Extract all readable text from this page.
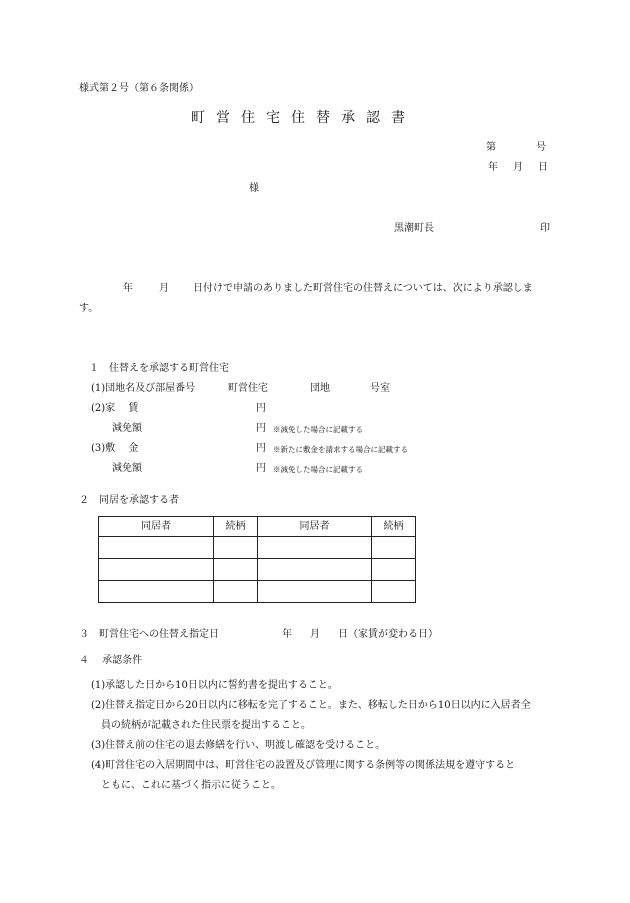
様式第２号（第６条関係）
町営住宅住替承認書
第	号
年 月 日
様
黒潮町長	印
年	月 日付けで申請のありました町営住宅の住替えについては、次により承認しま
す。
１　住替えを承認する町営住宅
(1)団地名及び部屋番号	町営住宅	団地	号室
(2)家　 賃	円
減免額	円 ※減免した場合に記載する
(3)敷　 金	円 ※新たに敷金を請求する場合に記載する
減免額	円 ※減免した場合に記載する
２　同居を承認する者
同居者	続柄	同居者	続柄

３　町営住宅への住替え指定日	年 月 日（家賃が変わる日）
４　 承認条件
(1)承認した日から10日以内に誓約書を提出すること。
(2)住替え指定日から20日以内に移転を完了すること。また、移転した日から10日以内に入居者全
員の続柄が記載された住民票を提出すること。
(3)住替え前の住宅の退去修繕を行い、明渡し確認を受けること。
(4)町営住宅の入居期間中は、町営住宅の設置及び管理に関する条例等の関係法規を遵守すると
ともに、これに基づく指示に従うこと。
